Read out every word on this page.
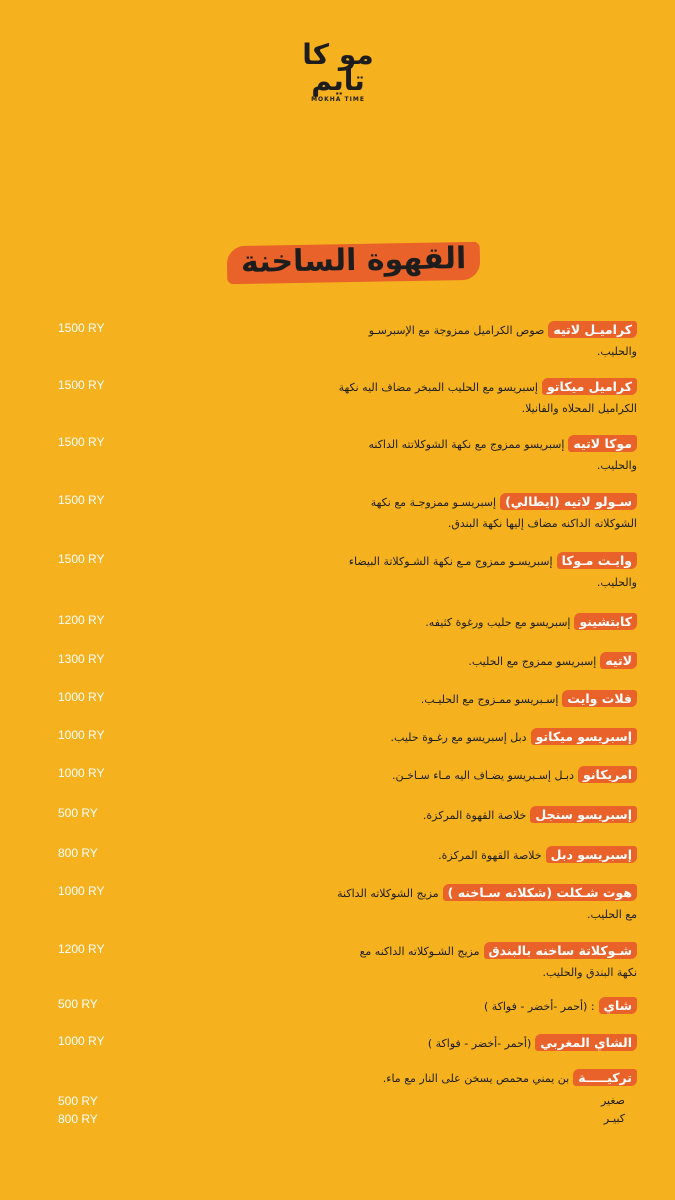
مو كا تايم
MOKHA TIME
القهوة الساخنة
كراميـل لاتيهصوص الكراميل ممزوجة مع الإسبرسـو والحليب.
1500 RY
كراميل ميكاتوإسبريسو مع الحليب المبخر مضاف اليه نكهة الكراميل المحلاه والفانيلا.
1500 RY
موكا لاتيهإسبريسو ممزوج مع نكهة الشوكلاتته الداكنه والحليب.
1500 RY
سـولو لاتيه (ايطالي)إسبريسـو ممزوجـة مع نكهة الشوكلاته الداكنه مضاف إليها نكهة البندق.
1500 RY
وايـت مـوكاإسبريسـو ممزوج مـع نكهة الشـوكلاتة البيضاء والحليب.
1500 RY
كابتشينوإسبريسو مع حليب ورغوة كثيفه.
1200 RY
لاتيهإسبريسو ممزوج مع الحليب.
1300 RY
فلات وايتإسـبريسو ممـزوج مع الحليـب.
1000 RY
إسبريسو ميكاتودبل إسبريسو مع رغـوة حليب.
1000 RY
امريكانودبـل إسـبريسو يضـاف اليه مـاء سـاخـن.
1000 RY
إسبريسو سنجلخلاصة القهوة المركزة.
500 RY
إسبريسو دبلخلاصة القهوة المركزة.
800 RY
هوت شـكلت (شكلاته سـاخنه )مزيج الشوكلاته الداكنة مع الحليب.
1000 RY
شـوكلاتة ساخنه بالبندقمزيج الشـوكلاته الداكنه مع نكهة البندق والحليب.
1200 RY
شاي: (أحمر -أخضر - فواكة )
500 RY
الشاي المغربي(أحمر -أخضر - فواكة )
1000 RY
تركيـــــةبن يمني محمص يسخن على النار مع ماء.
صغير
كبيـر
500 RY
800 RY
